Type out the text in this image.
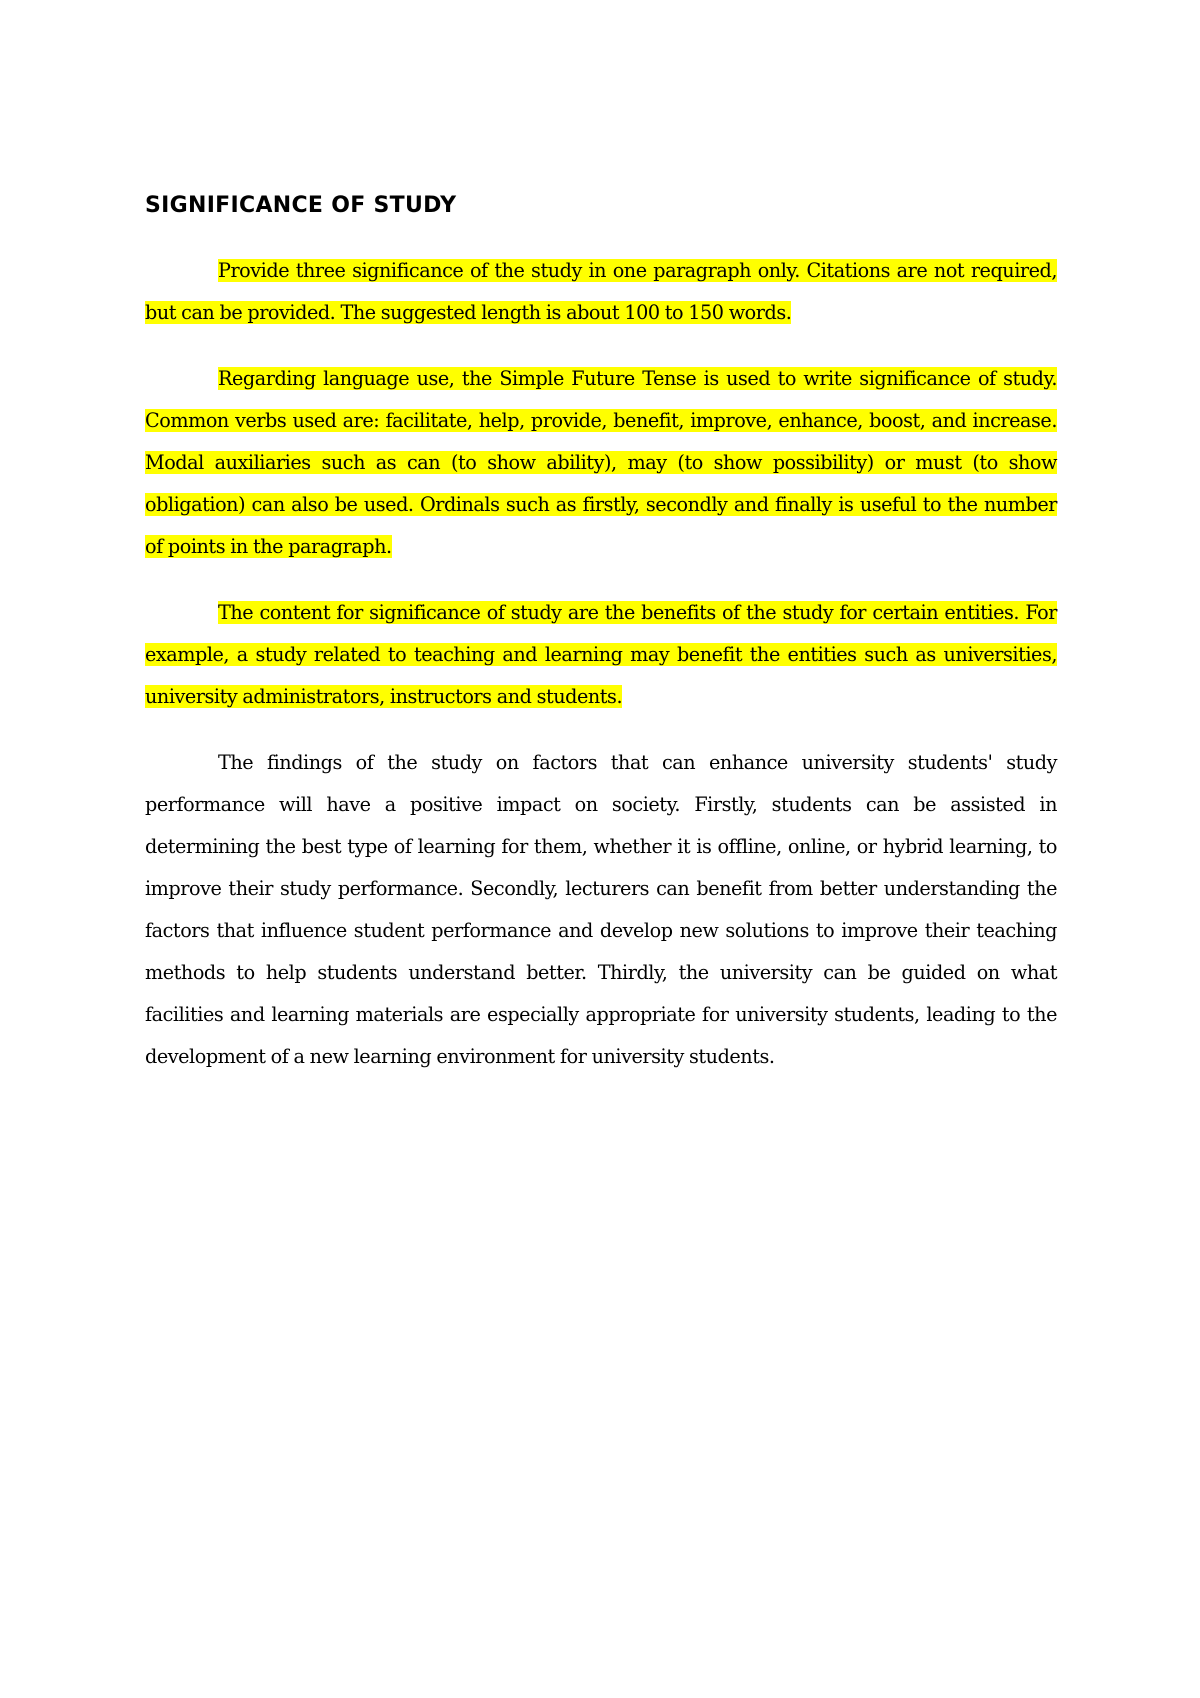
SIGNIFICANCE OF STUDY

Provide three significance of the study in one paragraph only. Citations are not required, but can be provided. The suggested length is about 100 to 150 words.

Regarding language use, the Simple Future Tense is used to write significance of study. Common verbs used are: facilitate, help, provide, benefit, improve, enhance, boost, and increase. Modal auxiliaries such as can (to show ability), may (to show possibility) or must (to show obligation) can also be used. Ordinals such as firstly, secondly and finally is useful to the number of points in the paragraph.

The content for significance of study are the benefits of the study for certain entities. For example, a study related to teaching and learning may benefit the entities such as universities, university administrators, instructors and students.

The findings of the study on factors that can enhance university students' study performance will have a positive impact on society. Firstly, students can be assisted in determining the best type of learning for them, whether it is offline, online, or hybrid learning, to improve their study performance. Secondly, lecturers can benefit from better understanding the factors that influence student performance and develop new solutions to improve their teaching methods to help students understand better. Thirdly, the university can be guided on what facilities and learning materials are especially appropriate for university students, leading to the development of a new learning environment for university students.
